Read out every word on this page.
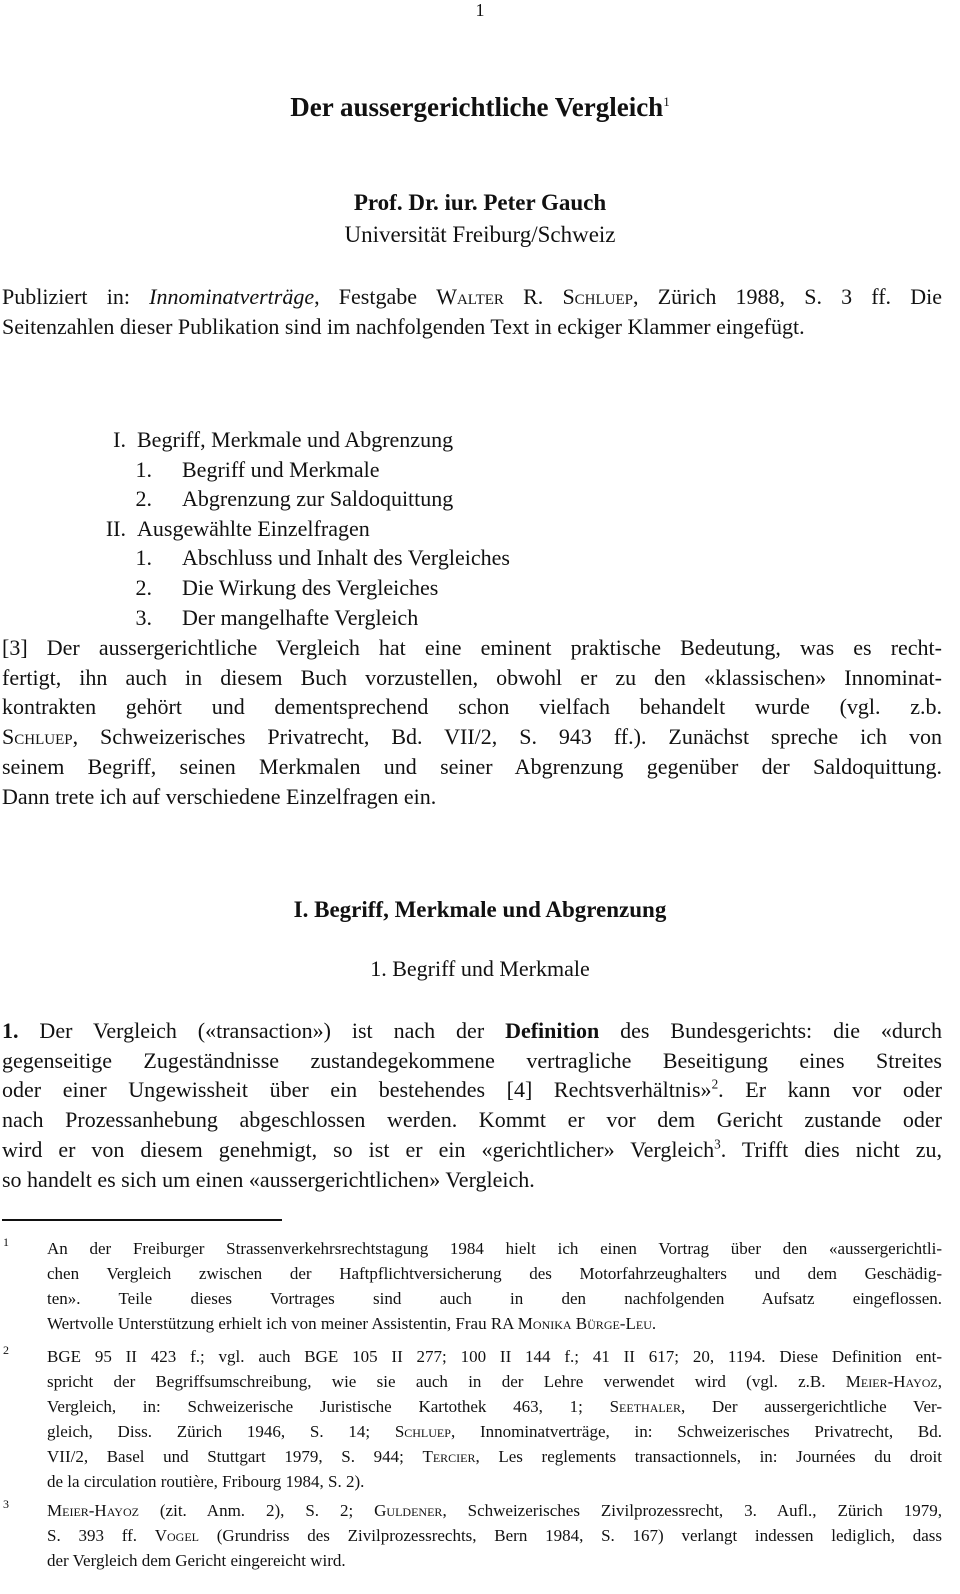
1
Der aussergerichtliche Vergleich$^1$
Prof. Dr. iur. Peter Gauch
Universität Freiburg/Schweiz
Publiziert in: Innominatverträge, Festgabe Walter R. Schluep, Zürich 1988, S. 3 ff. Die
Seitenzahlen dieser Publikation sind im nachfolgenden Text in eckiger Klammer eingefügt.
I. Begriff, Merkmale und Abgrenzung
1. Begriff und Merkmale
2. Abgrenzung zur Saldoquittung
II. Ausgewählte Einzelfragen
1. Abschluss und Inhalt des Vergleiches
2. Die Wirkung des Vergleiches
3. Der mangelhafte Vergleich
[3] Der aussergerichtliche Vergleich hat eine eminent praktische Bedeutung, was es recht-
fertigt, ihn auch in diesem Buch vorzustellen, obwohl er zu den «klassischen» Innominat-
kontrakten gehört und dementsprechend schon vielfach behandelt wurde (vgl. z.b.
Schluep, Schweizerisches Privatrecht, Bd. VII/2, S. 943 ff.). Zunächst spreche ich von
seinem Begriff, seinen Merkmalen und seiner Abgrenzung gegenüber der Saldoquittung.
Dann trete ich auf verschiedene Einzelfragen ein.
I. Begriff, Merkmale und Abgrenzung
1. Begriff und Merkmale
1. Der Vergleich («transaction») ist nach der Definition des Bundesgerichts: die «durch
gegenseitige Zugeständnisse zustandegekommene vertragliche Beseitigung eines Streites
oder einer Ungewissheit über ein bestehendes [4] Rechtsverhältnis»$^2$. Er kann vor oder
nach Prozessanhebung abgeschlossen werden. Kommt er vor dem Gericht zustande oder
wird er von diesem genehmigt, so ist er ein «gerichtlicher» Vergleich$^3$. Trifft dies nicht zu,
so handelt es sich um einen «aussergerichtlichen» Vergleich.
1 An der Freiburger Strassenverkehrsrechtstagung 1984 hielt ich einen Vortrag über den «aussergerichtli-
chen Vergleich zwischen der Haftpflichtversicherung des Motorfahrzeughalters und dem Geschädig-
ten». Teile dieses Vortrages sind auch in den nachfolgenden Aufsatz eingeflossen.
Wertvolle Unterstützung erhielt ich von meiner Assistentin, Frau RA Monika Bürge-Leu.
2 BGE 95 II 423 f.; vgl. auch BGE 105 II 277; 100 II 144 f.; 41 II 617; 20, 1194. Diese Definition ent-
spricht der Begriffsumschreibung, wie sie auch in der Lehre verwendet wird (vgl. z.B. Meier-Hayoz,
Vergleich, in: Schweizerische Juristische Kartothek 463, 1; Seethaler, Der aussergerichtliche Ver-
gleich, Diss. Zürich 1946, S. 14; Schluep, Innominatverträge, in: Schweizerisches Privatrecht, Bd.
VII/2, Basel und Stuttgart 1979, S. 944; Tercier, Les reglements transactionnels, in: Journées du droit
de la circulation routière, Fribourg 1984, S. 2).
3 Meier-Hayoz (zit. Anm. 2), S. 2; Guldener, Schweizerisches Zivilprozessrecht, 3. Aufl., Zürich 1979,
S. 393 ff. Vogel (Grundriss des Zivilprozessrechts, Bern 1984, S. 167) verlangt indessen lediglich, dass
der Vergleich dem Gericht eingereicht wird.
